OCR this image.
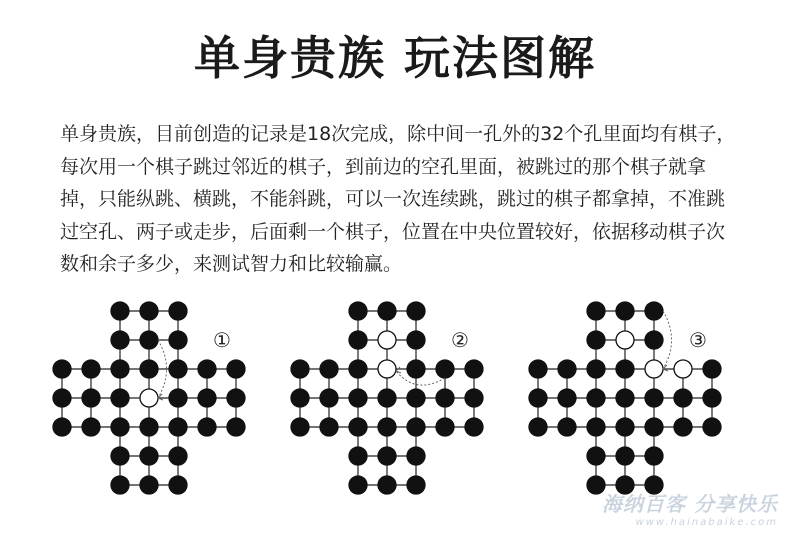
单身贵族 玩法图解
单身贵族，目前创造的记录是18次完成，除中间一孔外的32个孔里面均有棋子，每次用一个棋子跳过邻近的棋子，到前边的空孔里面，被跳过的那个棋子就拿掉，只能纵跳、横跳，不能斜跳，可以一次连续跳，跳过的棋子都拿掉，不准跳过空孔、两子或走步，后面剩一个棋子，位置在中央位置较好，依据移动棋子次数和余子多少，来测试智力和比较输赢。
①	②	③
海纳百客 分享快乐
www.hainabaike.com
